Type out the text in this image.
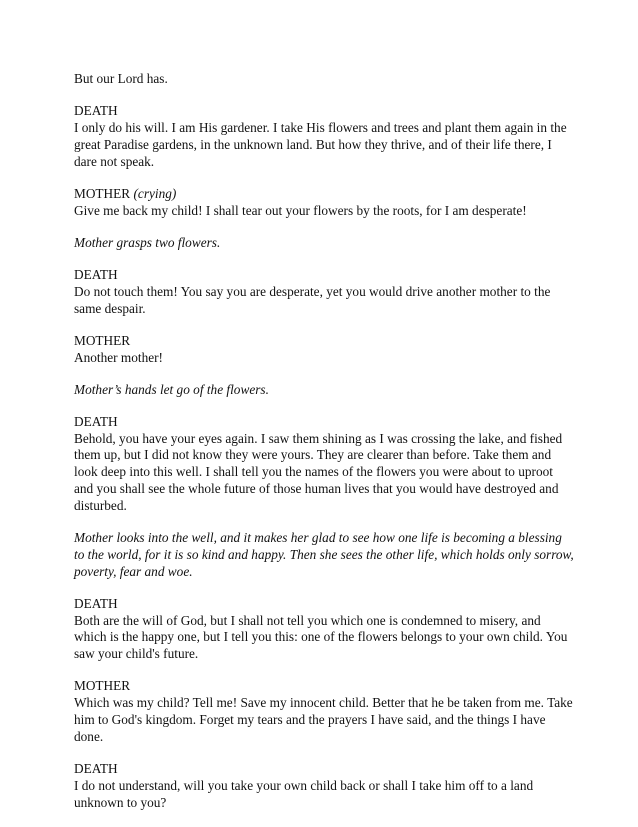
But our Lord has.
DEATH
I only do his will. I am His gardener. I take His flowers and trees and plant them again in the great Paradise gardens, in the unknown land. But how they thrive, and of their life there, I dare not speak.
MOTHER (crying)
Give me back my child! I shall tear out your flowers by the roots, for I am desperate!
Mother grasps two flowers.
DEATH
Do not touch them! You say you are desperate, yet you would drive another mother to the same despair.
MOTHER
Another mother!
Mother’s hands let go of the flowers.
DEATH
Behold, you have your eyes again. I saw them shining as I was crossing the lake, and fished them up, but I did not know they were yours. They are clearer than before. Take them and look deep into this well. I shall tell you the names of the flowers you were about to uproot and you shall see the whole future of those human lives that you would have destroyed and disturbed.
Mother looks into the well, and it makes her glad to see how one life is becoming a blessing to the world, for it is so kind and happy. Then she sees the other life, which holds only sorrow, poverty, fear and woe.
DEATH
Both are the will of God, but I shall not tell you which one is condemned to misery, and which is the happy one, but I tell you this: one of the flowers belongs to your own child. You saw your child's future.
MOTHER
Which was my child? Tell me! Save my innocent child. Better that he be taken from me. Take him to God's kingdom. Forget my tears and the prayers I have said, and the things I have done.
DEATH
I do not understand, will you take your own child back or shall I take him off to a land unknown to you?
